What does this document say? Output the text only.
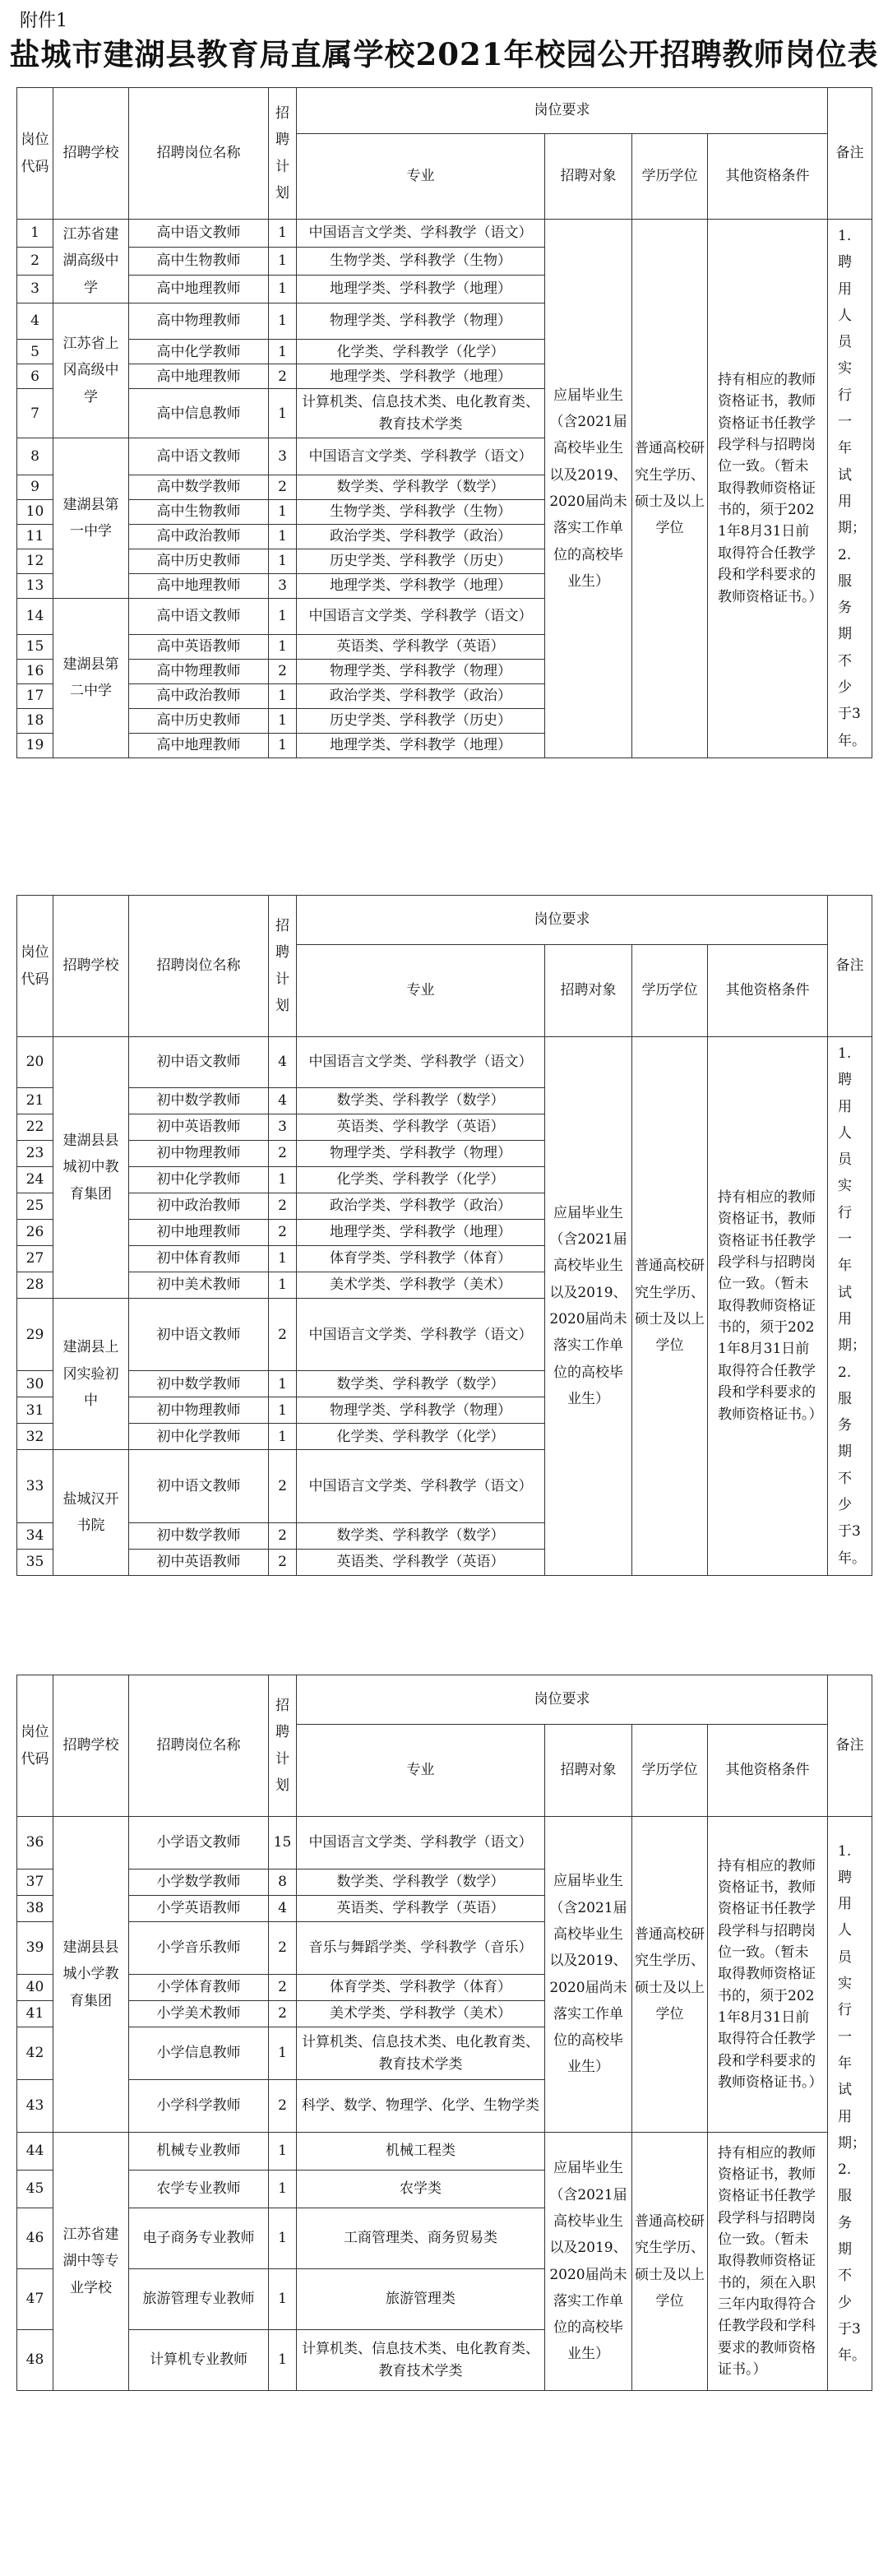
附件1
盐城市建湖县教育局直属学校2021年校园公开招聘教师岗位表
岗位代码	招聘学校	招聘岗位名称	招聘计划	岗位要求				备注
				专业	招聘对象	学历学位	其他资格条件	
1	江苏省建湖高级中学	高中语文教师	1	中国语言文学类、学科教学（语文）	应届毕业生（含2021届高校毕业生以及2019、2020届尚未落实工作单位的高校毕业生）	普通高校研究生学历、硕士及以上学位	持有相应的教师资格证书，教师资格证书任教学段学科与招聘岗位一致。（暂未取得教师资格证书的，须于2021年8月31日前取得符合任教学段和学科要求的教师资格证书。）	1.聘用人员实行一年试用期；2.服务期不少于3年。
2		高中生物教师	1	生物学类、学科教学（生物）				
3		高中地理教师	1	地理学类、学科教学（地理）				
4	江苏省上冈高级中学	高中物理教师	1	物理学类、学科教学（物理）				
5		高中化学教师	1	化学类、学科教学（化学）				
6		高中地理教师	2	地理学类、学科教学（地理）				
7		高中信息教师	1	计算机类、信息技术类、电化教育类、教育技术学类				
8	建湖县第一中学	高中语文教师	3	中国语言文学类、学科教学（语文）				
9		高中数学教师	2	数学类、学科教学（数学）				
10		高中生物教师	1	生物学类、学科教学（生物）				
11		高中政治教师	1	政治学类、学科教学（政治）				
12		高中历史教师	1	历史学类、学科教学（历史）				
13		高中地理教师	3	地理学类、学科教学（地理）				
14	建湖县第二中学	高中语文教师	1	中国语言文学类、学科教学（语文）				
15		高中英语教师	1	英语类、学科教学（英语）				
16		高中物理教师	2	物理学类、学科教学（物理）				
17		高中政治教师	1	政治学类、学科教学（政治）				
18		高中历史教师	1	历史学类、学科教学（历史）				
19		高中地理教师	1	地理学类、学科教学（地理）				
岗位代码	招聘学校	招聘岗位名称	招聘计划	岗位要求				备注
				专业	招聘对象	学历学位	其他资格条件	
20	建湖县县城初中教育集团	初中语文教师	4	中国语言文学类、学科教学（语文）	应届毕业生（含2021届高校毕业生以及2019、2020届尚未落实工作单位的高校毕业生）	普通高校研究生学历、硕士及以上学位	持有相应的教师资格证书，教师资格证书任教学段学科与招聘岗位一致。（暂未取得教师资格证书的，须于2021年8月31日前取得符合任教学段和学科要求的教师资格证书。）	1.聘用人员实行一年试用期；2.服务期不少于3年。
21		初中数学教师	4	数学类、学科教学（数学）				
22		初中英语教师	3	英语类、学科教学（英语）				
23		初中物理教师	2	物理学类、学科教学（物理）				
24		初中化学教师	1	化学类、学科教学（化学）				
25		初中政治教师	2	政治学类、学科教学（政治）				
26		初中地理教师	2	地理学类、学科教学（地理）				
27		初中体育教师	1	体育学类、学科教学（体育）				
28		初中美术教师	1	美术学类、学科教学（美术）				
29	建湖县上冈实验初中	初中语文教师	2	中国语言文学类、学科教学（语文）				
30		初中数学教师	1	数学类、学科教学（数学）				
31		初中物理教师	1	物理学类、学科教学（物理）				
32		初中化学教师	1	化学类、学科教学（化学）				
33	盐城汉开书院	初中语文教师	2	中国语言文学类、学科教学（语文）				
34		初中数学教师	2	数学类、学科教学（数学）				
35		初中英语教师	2	英语类、学科教学（英语）				
岗位代码	招聘学校	招聘岗位名称	招聘计划	岗位要求				备注
				专业	招聘对象	学历学位	其他资格条件	
36	建湖县县城小学教育集团	小学语文教师	15	中国语言文学类、学科教学（语文）	应届毕业生（含2021届高校毕业生以及2019、2020届尚未落实工作单位的高校毕业生）	普通高校研究生学历、硕士及以上学位	持有相应的教师资格证书，教师资格证书任教学段学科与招聘岗位一致。（暂未取得教师资格证书的，须于2021年8月31日前取得符合任教学段和学科要求的教师资格证书。）	1.聘用人员实行一年试用期；2.服务期不少于3年。
37		小学数学教师	8	数学类、学科教学（数学）				
38		小学英语教师	4	英语类、学科教学（英语）				
39		小学音乐教师	2	音乐与舞蹈学类、学科教学（音乐）				
40		小学体育教师	2	体育学类、学科教学（体育）				
41		小学美术教师	2	美术学类、学科教学（美术）				
42		小学信息教师	1	计算机类、信息技术类、电化教育类、教育技术学类				
43		小学科学教师	2	科学、数学、物理学、化学、生物学类				
44	江苏省建湖中等专业学校	机械专业教师	1	机械工程类	应届毕业生（含2021届高校毕业生以及2019、2020届尚未落实工作单位的高校毕业生）	普通高校研究生学历、硕士及以上学位	持有相应的教师资格证书，教师资格证书任教学段学科与招聘岗位一致。（暂未取得教师资格证书的，须在入职三年内取得符合任教学段和学科要求的教师资格证书。）	
45		农学专业教师	1	农学类				
46		电子商务专业教师	1	工商管理类、商务贸易类				
47		旅游管理专业教师	1	旅游管理类				
48		计算机专业教师	1	计算机类、信息技术类、电化教育类、教育技术学类				
